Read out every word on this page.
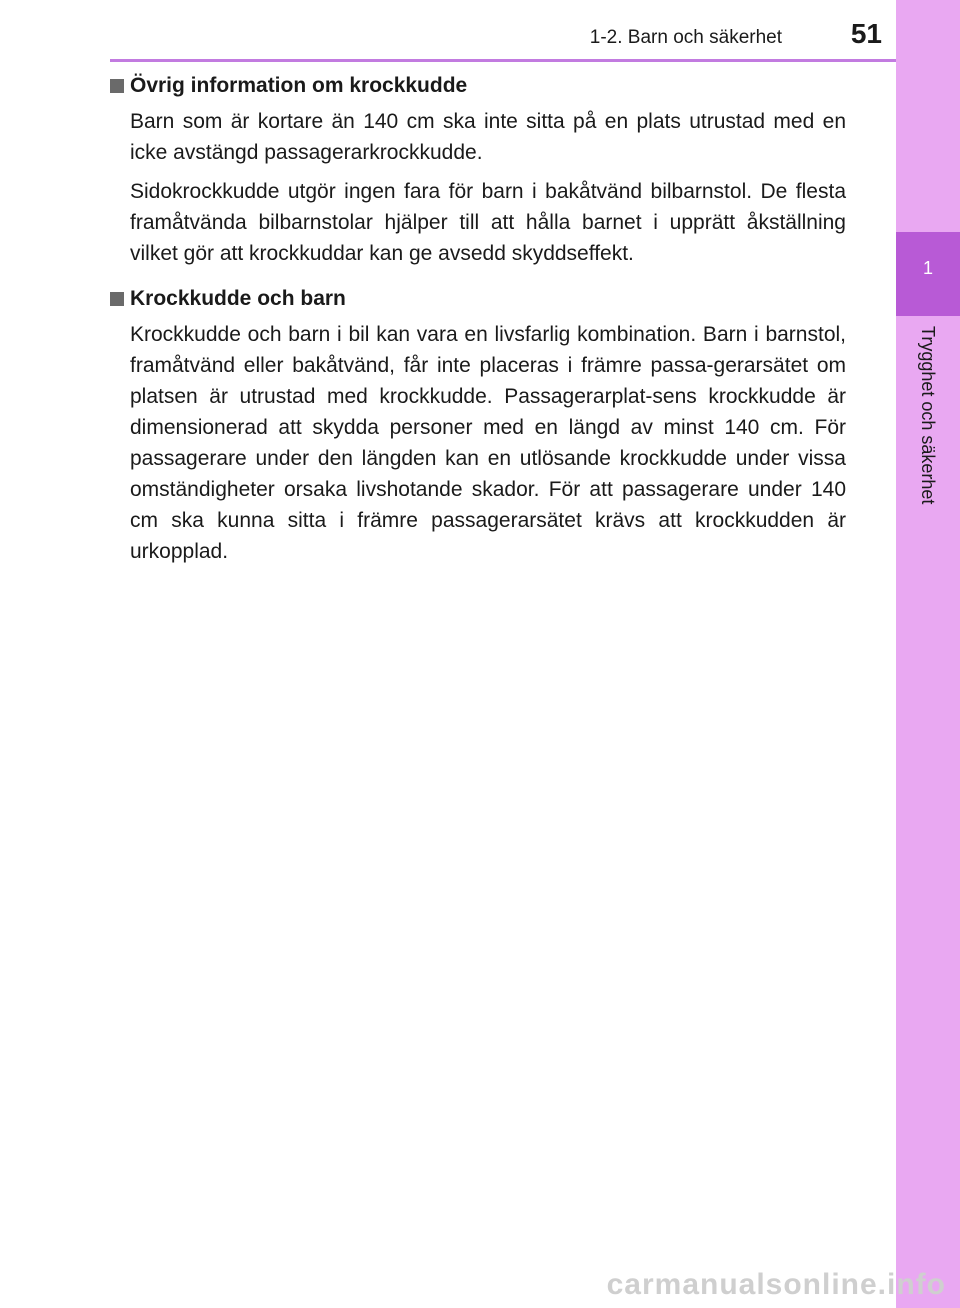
1-2. Barn och säkerhet 51
1
Trygghet och säkerhet
Övrig information om krockkudde

Barn som är kortare än 140 cm ska inte sitta på en plats utrustad med en icke avstängd passagerarkrockkudde.

Sidokrockkudde utgör ingen fara för barn i bakåtvänd bilbarnstol. De flesta framåtvända bilbarnstolar hjälper till att hålla barnet i upprätt åkställning vilket gör att krockkuddar kan ge avsedd skyddseffekt.

Krockkudde och barn

Krockkudde och barn i bil kan vara en livsfarlig kombination. Barn i barnstol, framåtvänd eller bakåtvänd, får inte placeras i främre passa-gerarsätet om platsen är utrustad med krockkudde. Passagerarplat-sens krockkudde är dimensionerad att skydda personer med en längd av minst 140 cm. För passagerare under den längden kan en utlösande krockkudde under vissa omständigheter orsaka livshotande skador. För att passagerare under 140 cm ska kunna sitta i främre passagerarsätet krävs att krockkudden är urkopplad.

carmanualsonline.info
